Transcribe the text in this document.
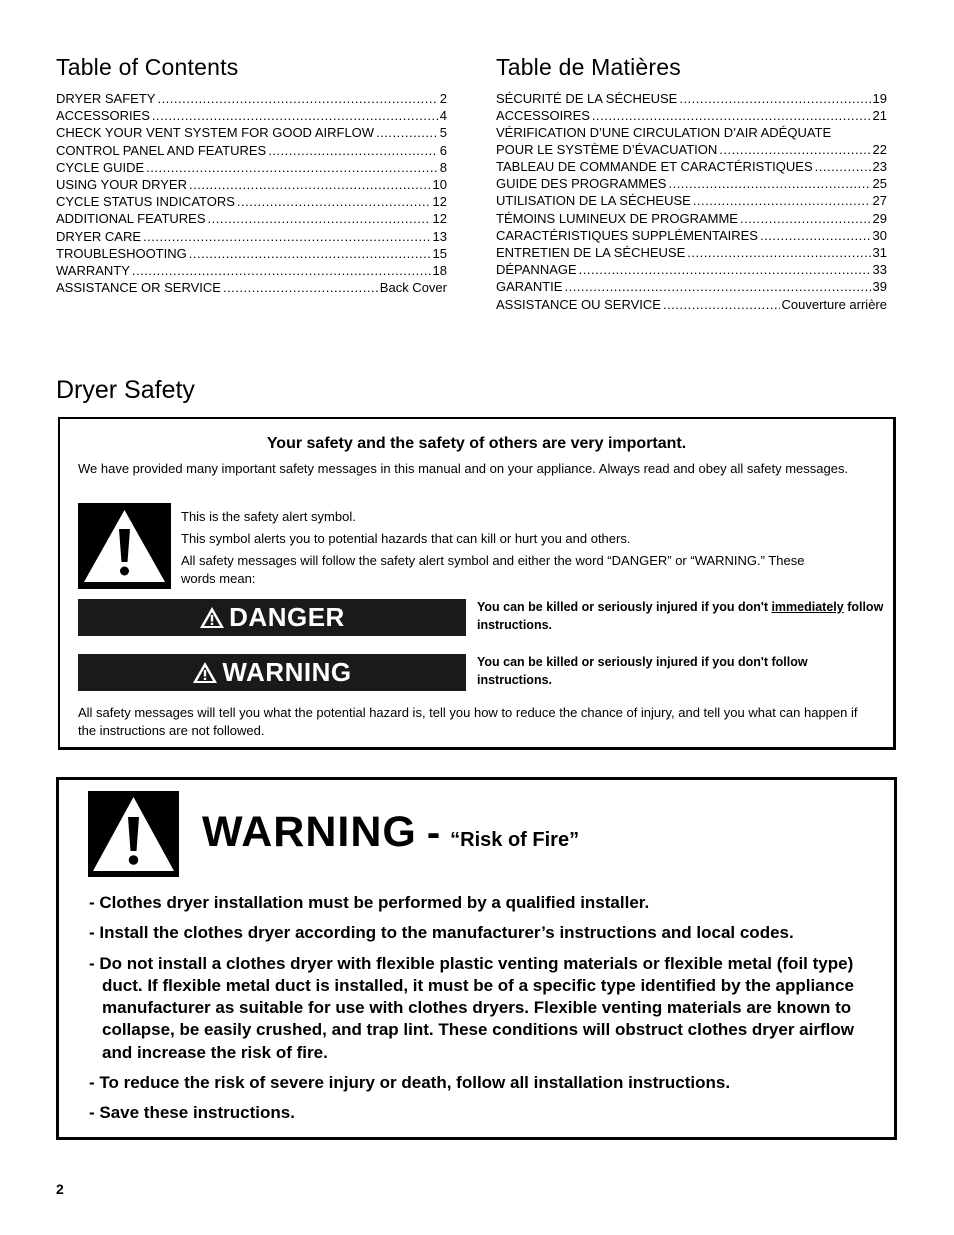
Table of Contents
DRYER SAFETY .....	2
ACCESSORIES .....	4
CHECK YOUR VENT SYSTEM FOR GOOD AIRFLOW .....	5
CONTROL PANEL AND FEATURES .....	6
CYCLE GUIDE .....	8
USING YOUR DRYER .....	10
CYCLE STATUS INDICATORS .....	12
ADDITIONAL FEATURES .....	12
DRYER CARE .....	13
TROUBLESHOOTING .....	15
WARRANTY .....	18
ASSISTANCE OR SERVICE .....	Back Cover
Table de Matières
SÉCURITÉ DE LA SÉCHEUSE .....	19
ACCESSOIRES .....	21
VÉRIFICATION D’UNE CIRCULATION D’AIR ADÉQUATE
POUR LE SYSTÈME D’ÉVACUATION .....	22
TABLEAU DE COMMANDE ET CARACTÉRISTIQUES .....	23
GUIDE DES PROGRAMMES .....	25
UTILISATION DE LA SÉCHEUSE .....	27
TÉMOINS LUMINEUX DE PROGRAMME .....	29
CARACTÉRISTIQUES SUPPLÉMENTAIRES .....	30
ENTRETIEN DE LA SÉCHEUSE .....	31
DÉPANNAGE .....	33
GARANTIE .....	39
ASSISTANCE OU SERVICE .....	Couverture arrière
Dryer Safety
Your safety and the safety of others are very important.
We have provided many important safety messages in this manual and on your appliance. Always read and obey all safety messages.
This is the safety alert symbol.
This symbol alerts you to potential hazards that can kill or hurt you and others.
All safety messages will follow the safety alert symbol and either the word “DANGER” or “WARNING.” These words mean:
DANGER	You can be killed or seriously injured if you don't immediately follow instructions.
WARNING	You can be killed or seriously injured if you don't follow instructions.
All safety messages will tell you what the potential hazard is, tell you how to reduce the chance of injury, and tell you what can happen if the instructions are not followed.
WARNING - “Risk of Fire”
- Clothes dryer installation must be performed by a qualified installer.
- Install the clothes dryer according to the manufacturer’s instructions and local codes.
- Do not install a clothes dryer with flexible plastic venting materials or flexible metal (foil type) duct. If flexible metal duct is installed, it must be of a specific type identified by the appliance manufacturer as suitable for use with clothes dryers. Flexible venting materials are known to collapse, be easily crushed, and trap lint. These conditions will obstruct clothes dryer airflow and increase the risk of fire.
- To reduce the risk of severe injury or death, follow all installation instructions.
- Save these instructions.
2
